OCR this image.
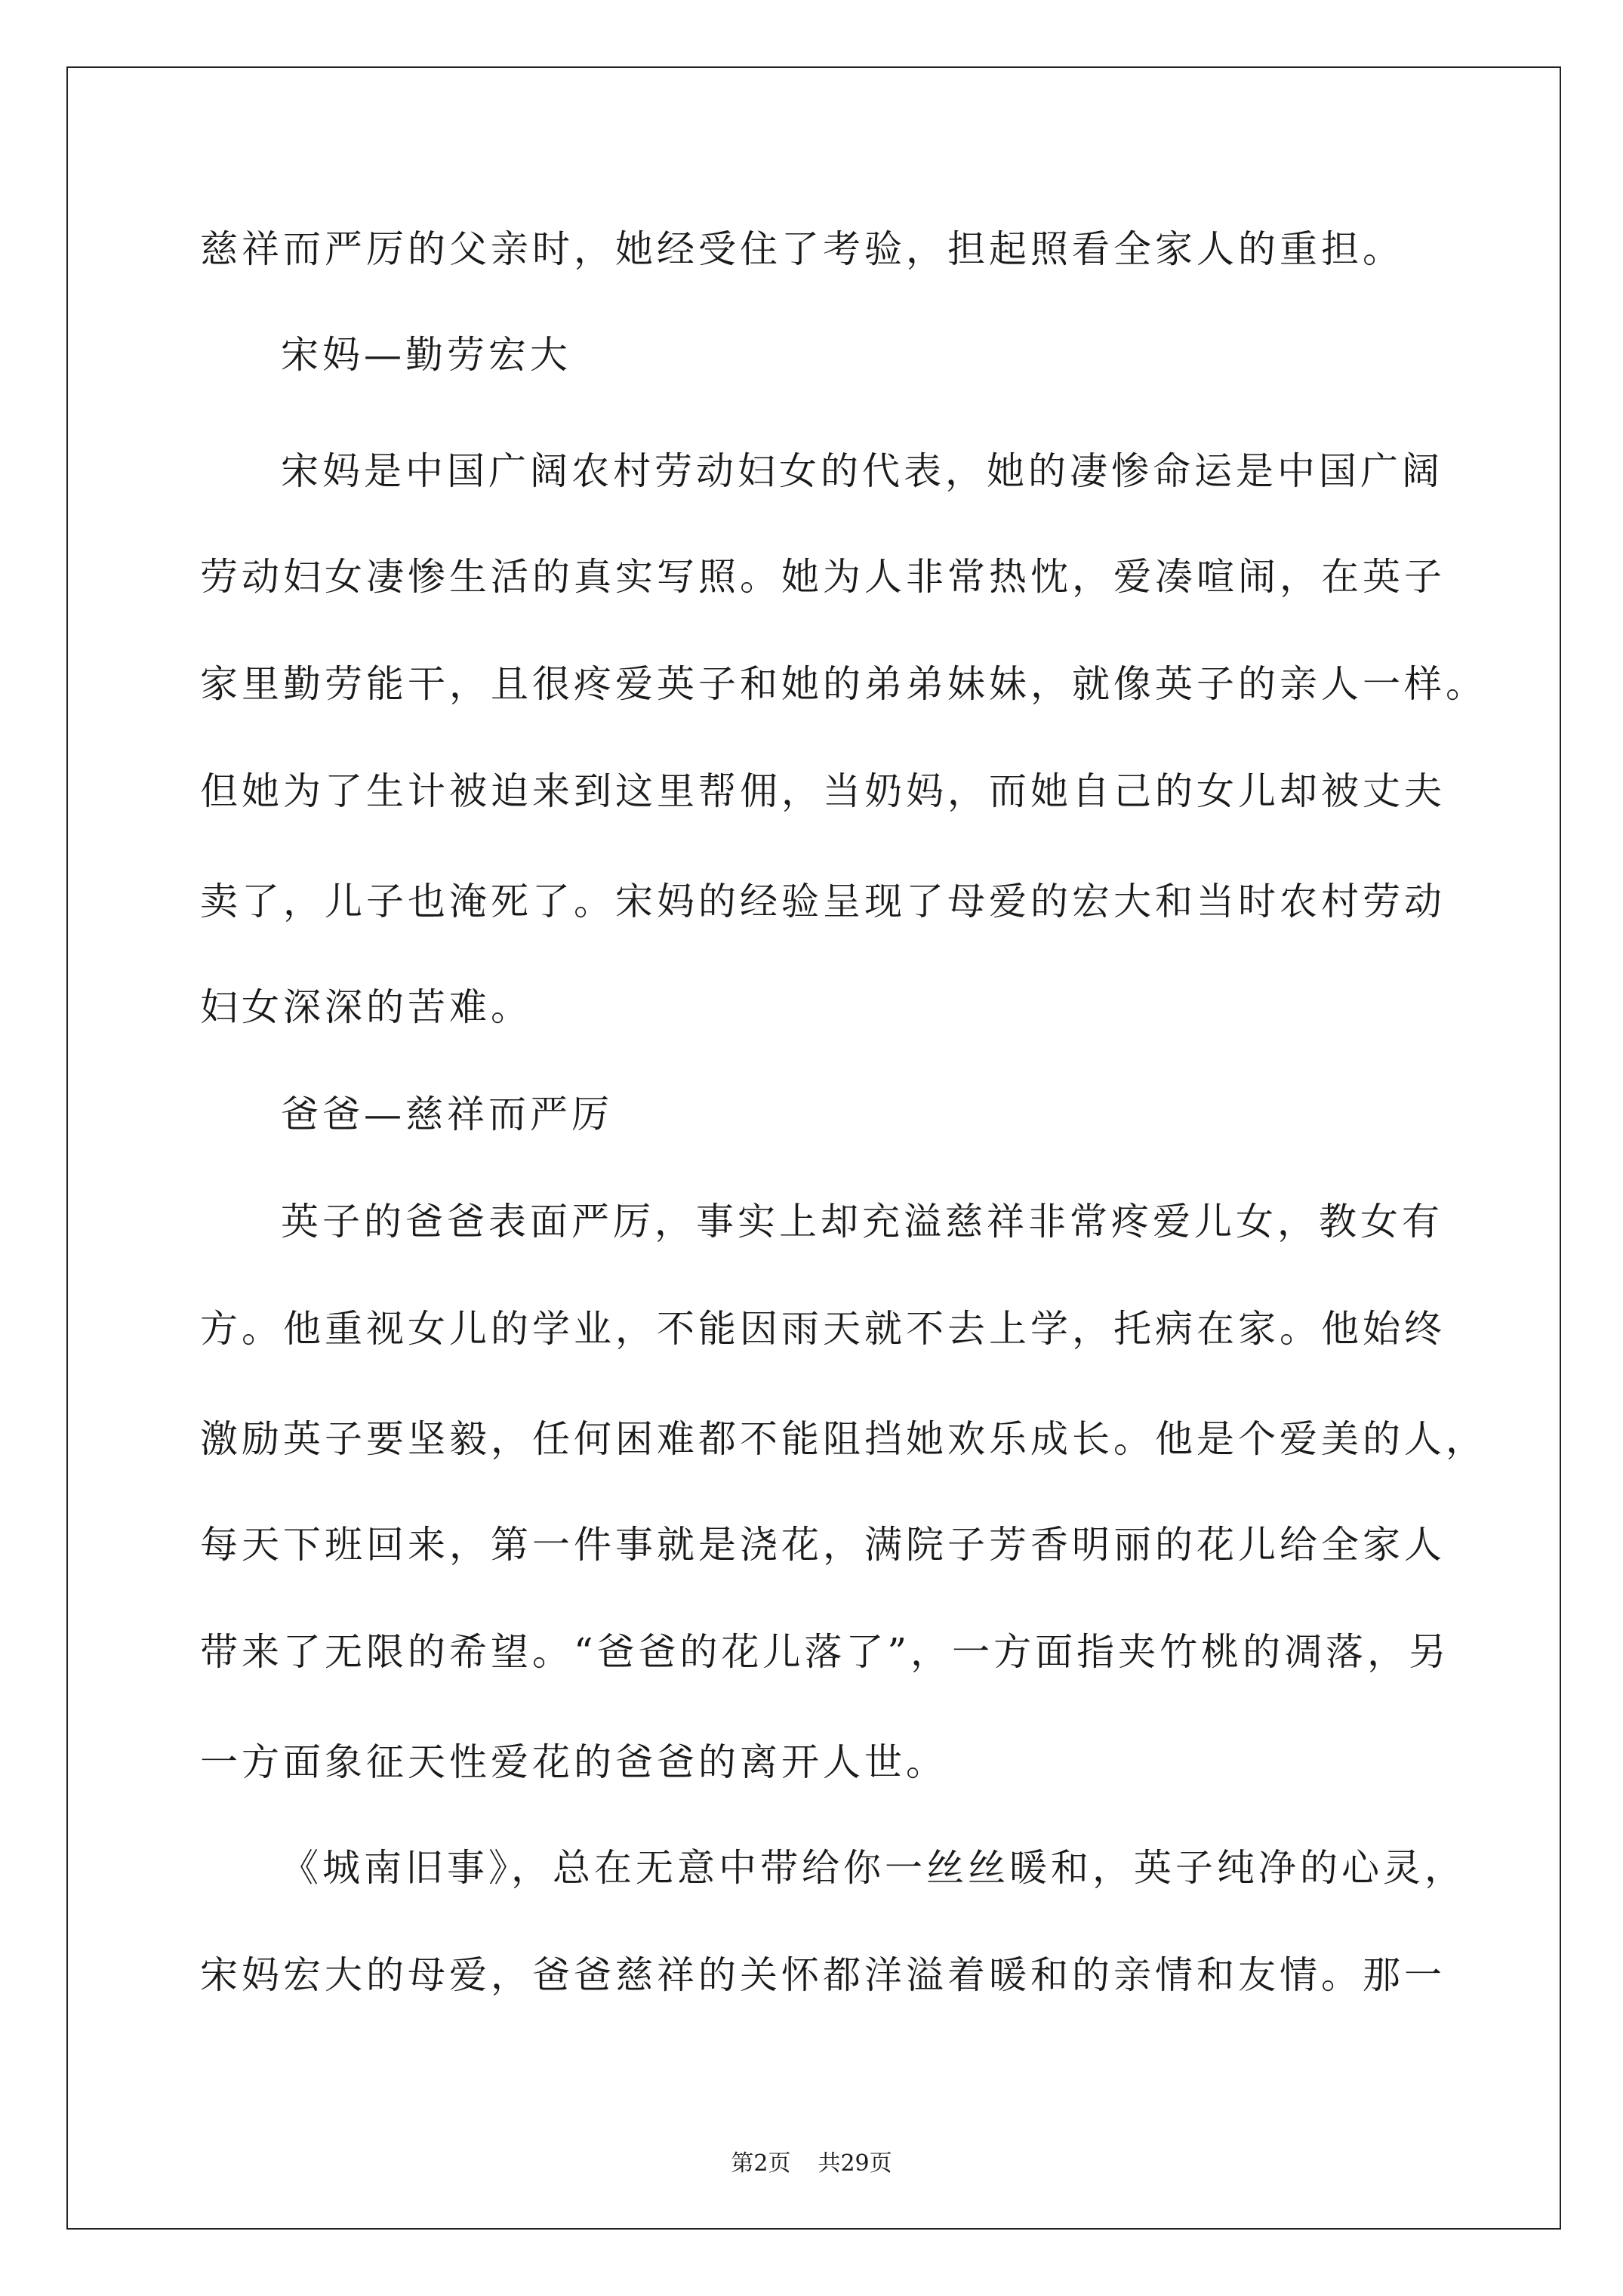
慈祥而严厉的父亲时，她经受住了考验，担起照看全家人的重担。
宋妈—勤劳宏大
宋妈是中国广阔农村劳动妇女的代表，她的凄惨命运是中国广阔
劳动妇女凄惨生活的真实写照。她为人非常热忱，爱凑喧闹，在英子
家里勤劳能干，且很疼爱英子和她的弟弟妹妹，就像英子的亲人一样。
但她为了生计被迫来到这里帮佣，当奶妈，而她自己的女儿却被丈夫
卖了，儿子也淹死了。宋妈的经验呈现了母爱的宏大和当时农村劳动
妇女深深的苦难。
爸爸—慈祥而严厉
英子的爸爸表面严厉，事实上却充溢慈祥非常疼爱儿女，教女有
方。他重视女儿的学业，不能因雨天就不去上学，托病在家。他始终
激励英子要坚毅，任何困难都不能阻挡她欢乐成长。他是个爱美的人，
每天下班回来，第一件事就是浇花，满院子芳香明丽的花儿给全家人
带来了无限的希望。“爸爸的花儿落了”，一方面指夹竹桃的凋落，另
一方面象征天性爱花的爸爸的离开人世。
《城南旧事》，总在无意中带给你一丝丝暖和，英子纯净的心灵，
宋妈宏大的母爱，爸爸慈祥的关怀都洋溢着暖和的亲情和友情。那一
第2页 共29页
